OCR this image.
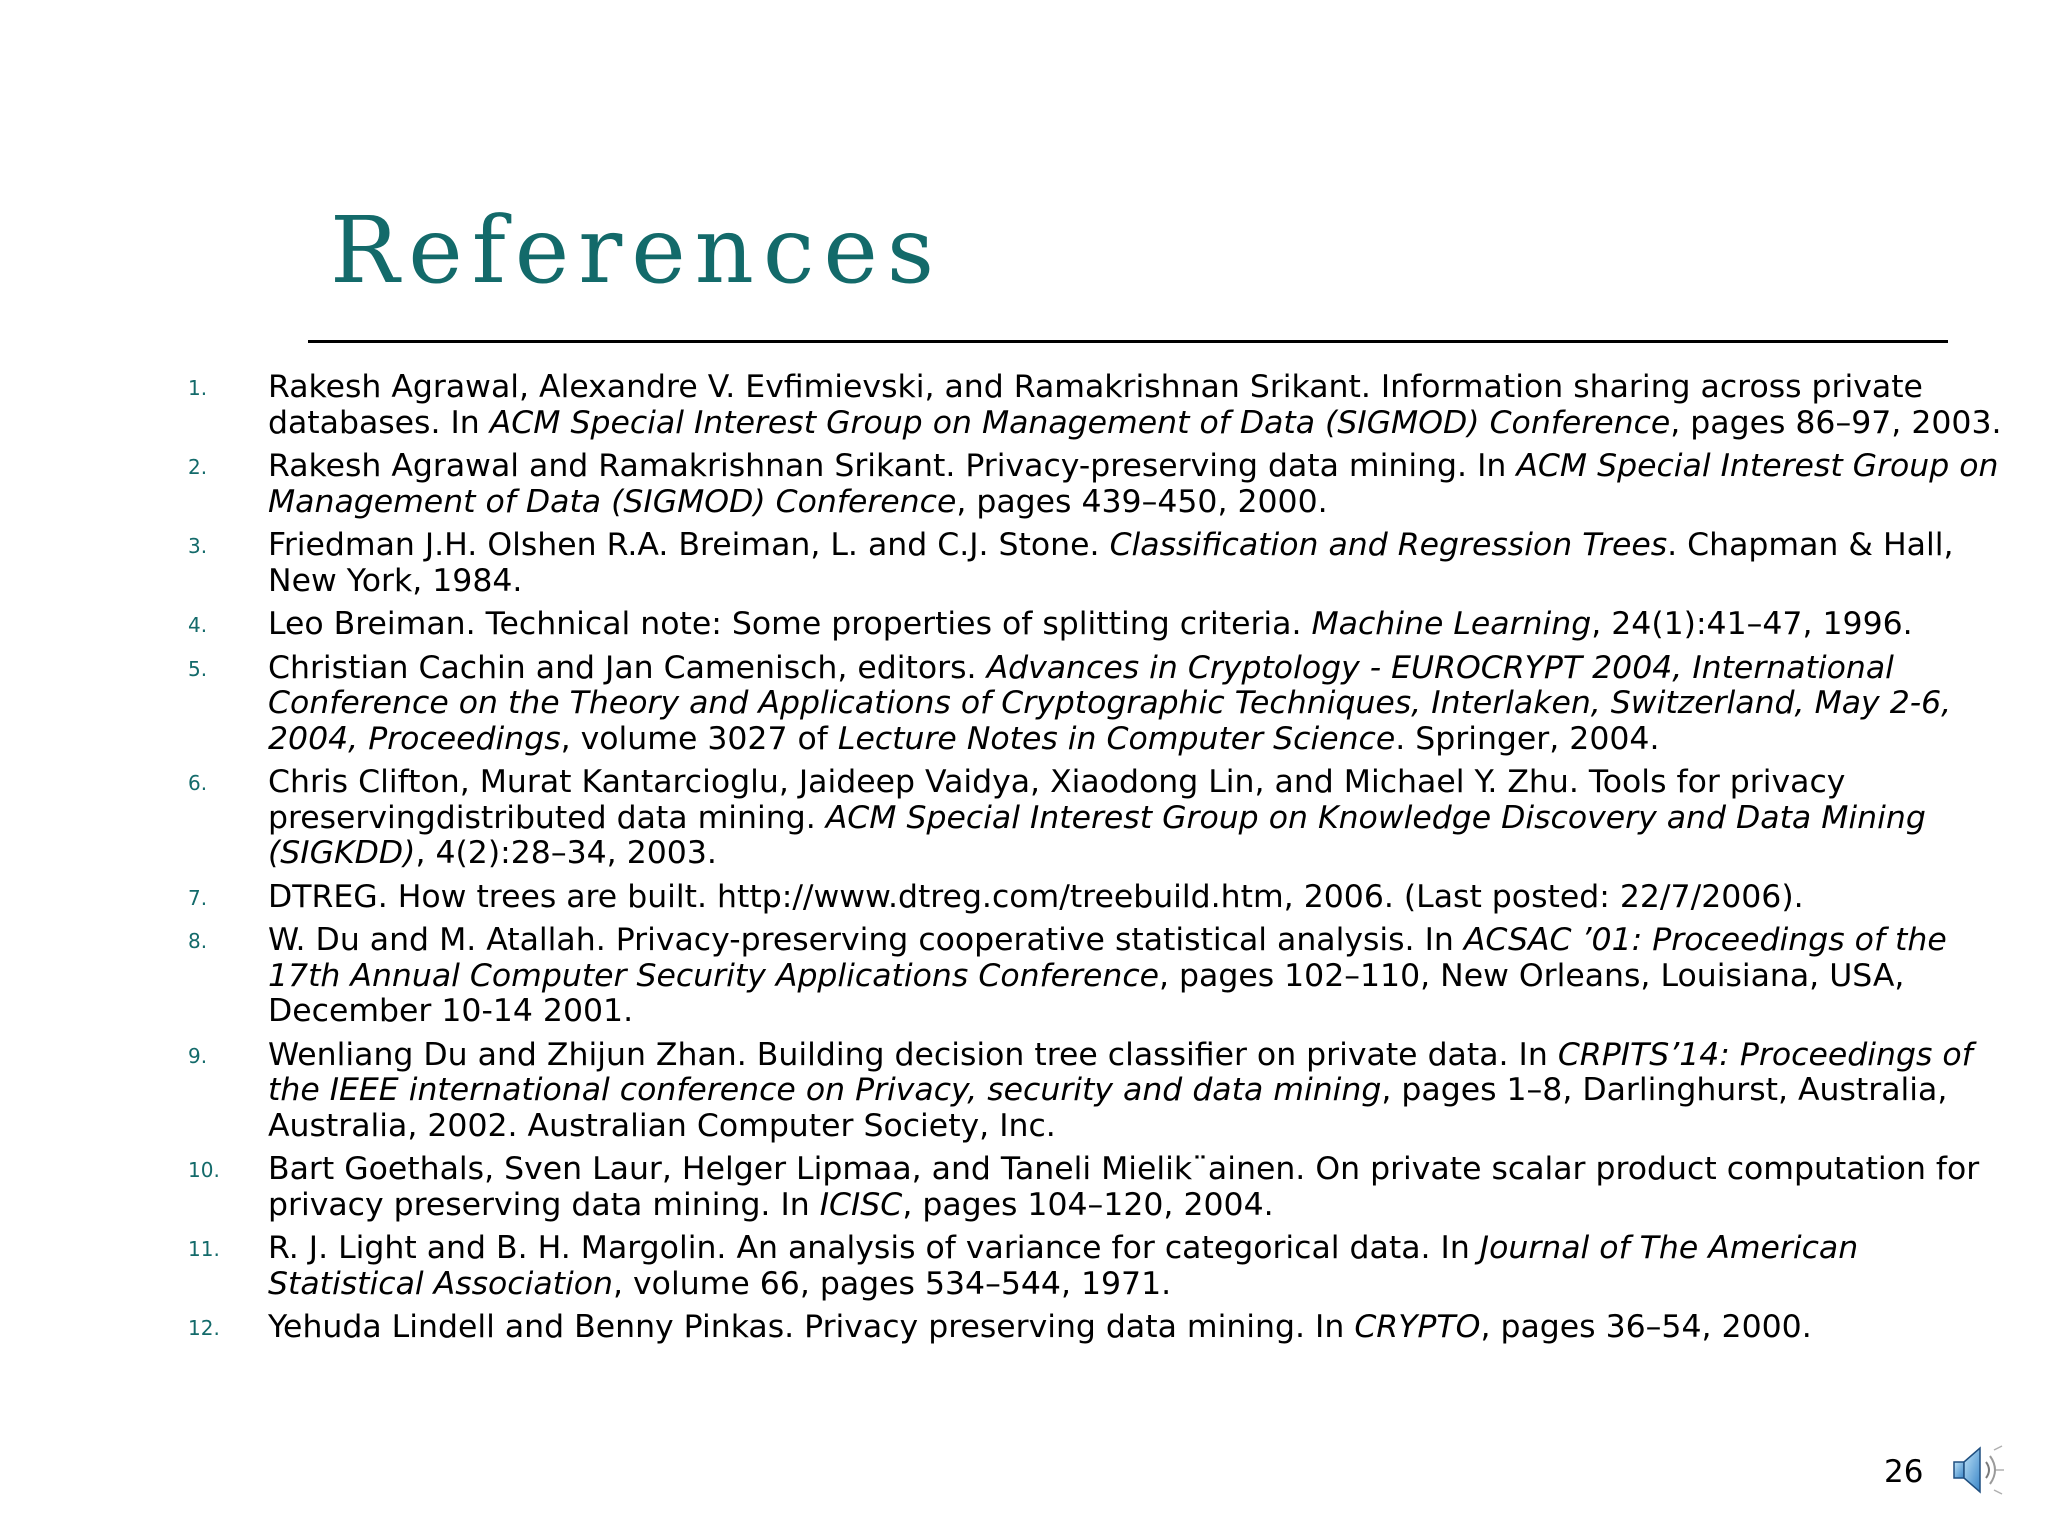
References
1.	Rakesh Agrawal, Alexandre V. Evfimievski, and Ramakrishnan Srikant. Information sharing across private databases. In ACM Special Interest Group on Management of Data (SIGMOD) Conference, pages 86–97, 2003.
2.	Rakesh Agrawal and Ramakrishnan Srikant. Privacy-preserving data mining. In ACM Special Interest Group on Management of Data (SIGMOD) Conference, pages 439–450, 2000.
3.	Friedman J.H. Olshen R.A. Breiman, L. and C.J. Stone. Classification and Regression Trees. Chapman & Hall, New York, 1984.
4.	Leo Breiman. Technical note: Some properties of splitting criteria. Machine Learning, 24(1):41–47, 1996.
5.	Christian Cachin and Jan Camenisch, editors. Advances in Cryptology - EUROCRYPT 2004, International Conference on the Theory and Applications of Cryptographic Techniques, Interlaken, Switzerland, May 2-6, 2004, Proceedings, volume 3027 of Lecture Notes in Computer Science. Springer, 2004.
6.	Chris Clifton, Murat Kantarcioglu, Jaideep Vaidya, Xiaodong Lin, and Michael Y. Zhu. Tools for privacy preservingdistributed data mining. ACM Special Interest Group on Knowledge Discovery and Data Mining (SIGKDD), 4(2):28–34, 2003.
7.	DTREG. How trees are built. http://www.dtreg.com/treebuild.htm, 2006. (Last posted: 22/7/2006).
8.	W. Du and M. Atallah. Privacy-preserving cooperative statistical analysis. In ACSAC ’01: Proceedings of the 17th Annual Computer Security Applications Conference, pages 102–110, New Orleans, Louisiana, USA, December 10-14 2001.
9.	Wenliang Du and Zhijun Zhan. Building decision tree classifier on private data. In CRPITS’14: Proceedings of the IEEE international conference on Privacy, security and data mining, pages 1–8, Darlinghurst, Australia, Australia, 2002. Australian Computer Society, Inc.
10.	Bart Goethals, Sven Laur, Helger Lipmaa, and Taneli Mielik¨ainen. On private scalar product computation for privacy preserving data mining. In ICISC, pages 104–120, 2004.
11.	R. J. Light and B. H. Margolin. An analysis of variance for categorical data. In Journal of The American Statistical Association, volume 66, pages 534–544, 1971.
12.	Yehuda Lindell and Benny Pinkas. Privacy preserving data mining. In CRYPTO, pages 36–54, 2000.
26
